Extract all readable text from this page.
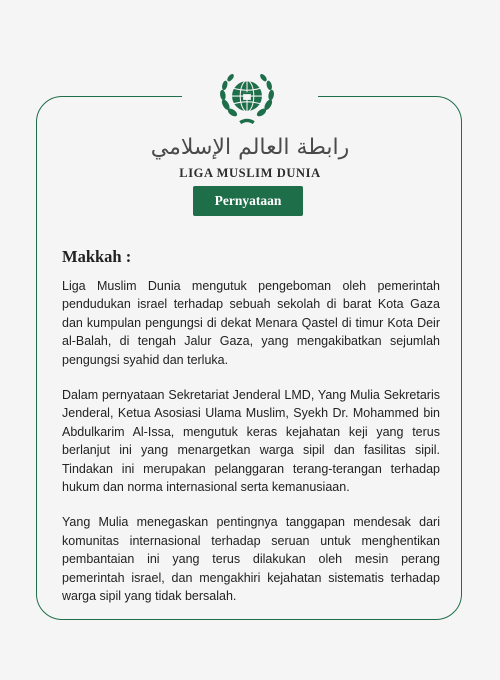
رابطة العالم الإسلامي
LIGA MUSLIM DUNIA
Pernyataan
Makkah :

Liga Muslim Dunia mengutuk pengeboman oleh pemerintah pendudukan israel terhadap sebuah sekolah di barat Kota Gaza dan kumpulan pengungsi di dekat Menara Qastel di timur Kota Deir al-Balah, di tengah Jalur Gaza, yang mengakibatkan sejumlah pengungsi syahid dan terluka.

Dalam pernyataan Sekretariat Jenderal LMD, Yang Mulia Sekretaris Jenderal, Ketua Asosiasi Ulama Muslim, Syekh Dr. Mohammed bin Abdulkarim Al-Issa, mengutuk keras kejahatan keji yang terus berlanjut ini yang menargetkan warga sipil dan fasilitas sipil. Tindakan ini merupakan pelanggaran terang-terangan terhadap hukum dan norma internasional serta kemanusiaan.

Yang Mulia menegaskan pentingnya tanggapan mendesak dari komunitas internasional terhadap seruan untuk menghentikan pembantaian ini yang terus dilakukan oleh mesin perang pemerintah israel, dan mengakhiri kejahatan sistematis terhadap warga sipil yang tidak bersalah.
